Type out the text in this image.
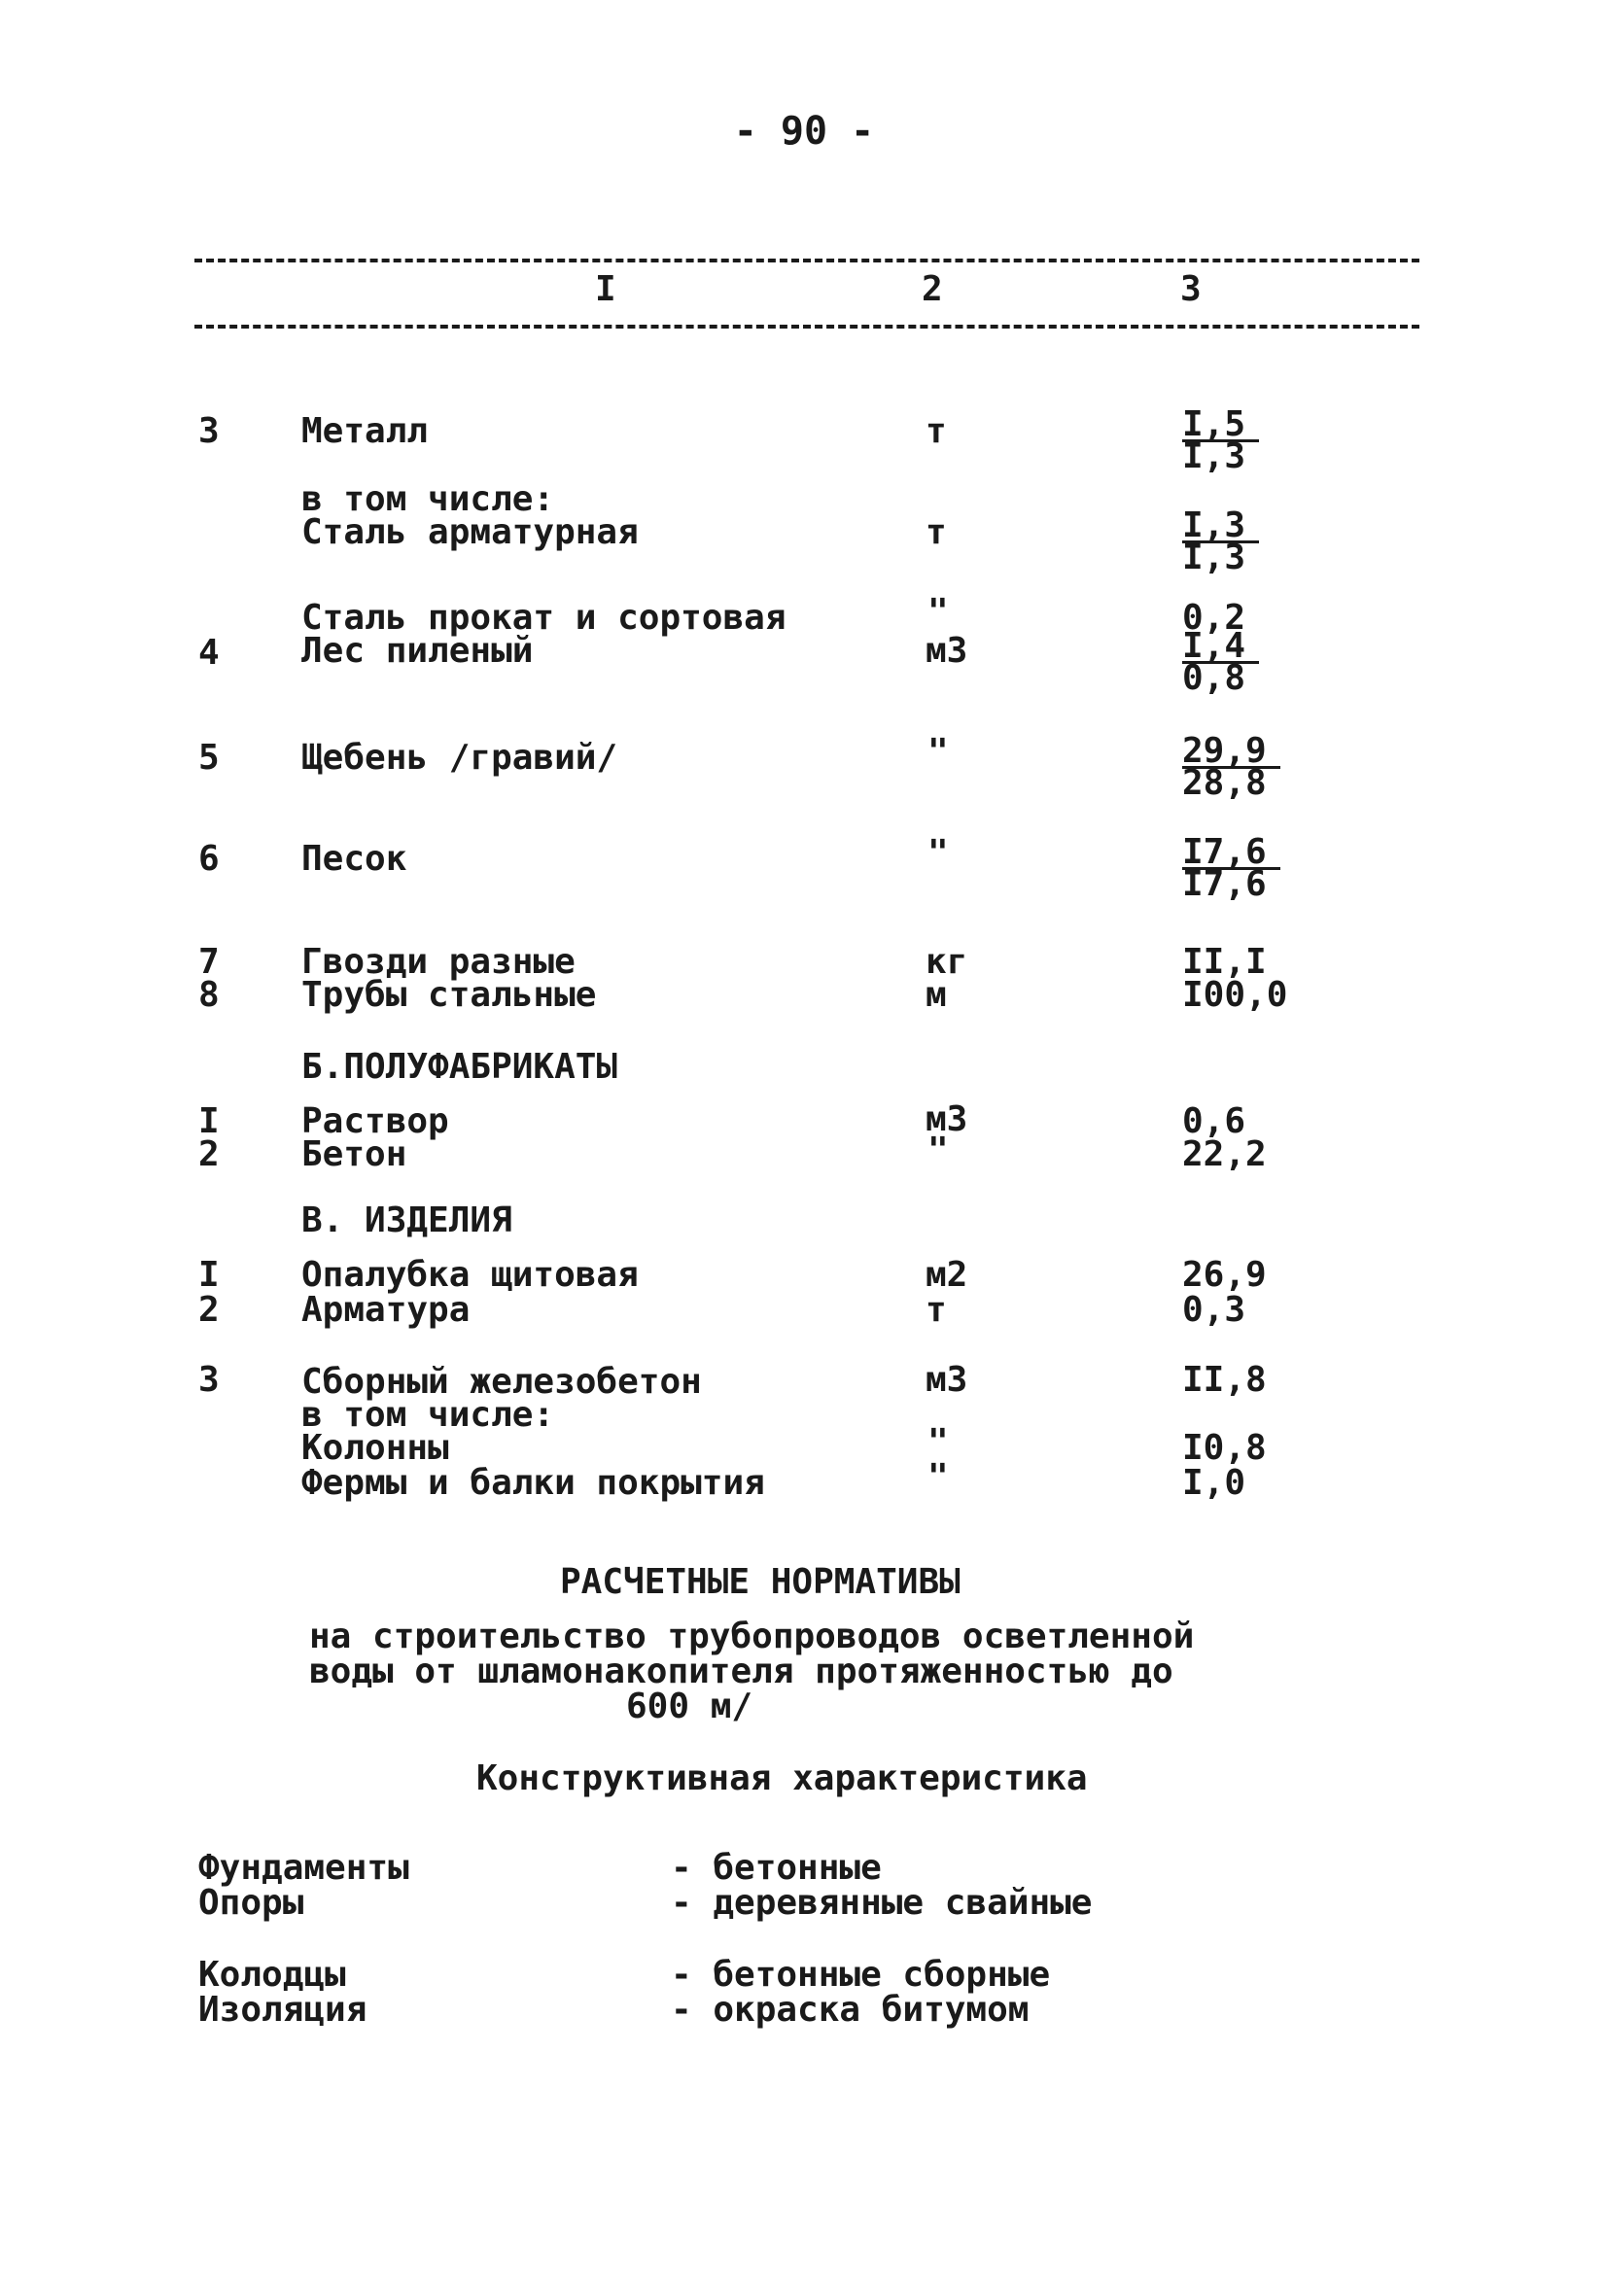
- 90 -
I	2	3
3 Металл	т	$\frac{I,5}{I,3}$
в том числе:
Сталь арматурная	т	$\frac{I,3}{I,3}$
Сталь прокат и сортовая	"	0,2
4 Лес пиленый	м3	$\frac{I,4}{0,8}$
5 Щебень /гравий/	"	$\frac{29,9}{28,8}$
6 Песок	"	$\frac{I7,6}{I7,6}$
7 Гвозди разные	кг	II,I
8 Трубы стальные	м	I00,0
Б.ПОЛУФАБРИКАТЫ
I Раствор	м3	0,6
2 Бетон	"	22,2
В. ИЗДЕЛИЯ
I Опалубка щитовая	м2	26,9
2 Арматура	т	0,3
3 Сборный железобетон	м3	II,8
в том числе:
Колонны	"	I0,8
Фермы и балки покрытия	"	I,0
РАСЧЕТНЫЕ НОРМАТИВЫ
на строительство трубопроводов осветленной
воды от шламонакопителя протяженностью до
600 м/
Конструктивная характеристика
Фундаменты	- бетонные
Опоры	- деревянные свайные
Колодцы	- бетонные сборные
Изоляция	- окраска битумом
